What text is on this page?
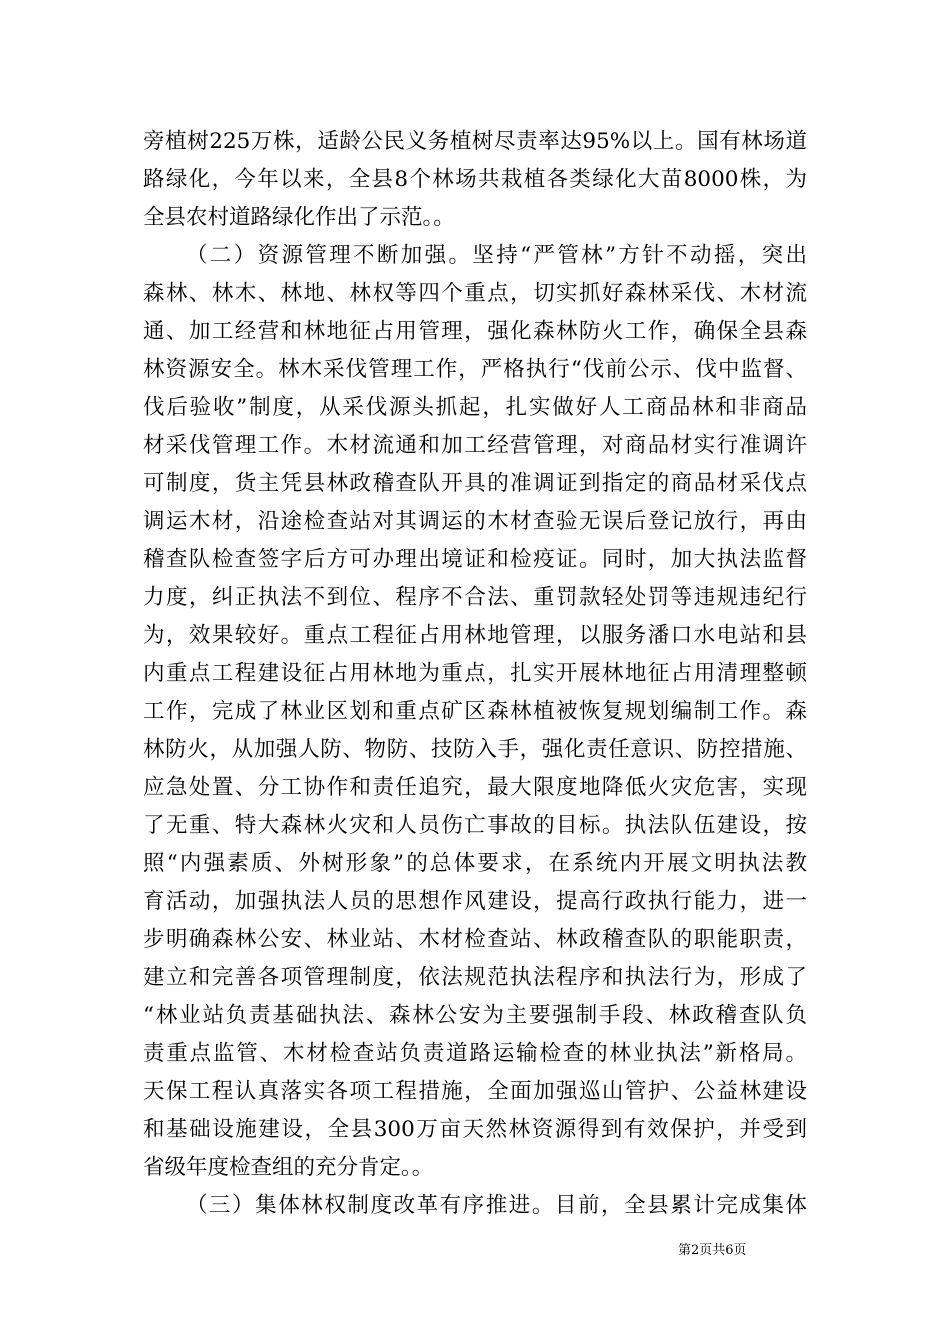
旁植树225万株，适龄公民义务植树尽责率达95%以上。国有林场道
路绿化，今年以来，全县8个林场共栽植各类绿化大苗8000株，为
全县农村道路绿化作出了示范。。
（二）资源管理不断加强。坚持“严管林”方针不动摇，突出
森林、林木、林地、林权等四个重点，切实抓好森林采伐、木材流
通、加工经营和林地征占用管理，强化森林防火工作，确保全县森
林资源安全。林木采伐管理工作，严格执行“伐前公示、伐中监督、
伐后验收”制度，从采伐源头抓起，扎实做好人工商品林和非商品
材采伐管理工作。木材流通和加工经营管理，对商品材实行准调许
可制度，货主凭县林政稽查队开具的准调证到指定的商品材采伐点
调运木材，沿途检查站对其调运的木材查验无误后登记放行，再由
稽查队检查签字后方可办理出境证和检疫证。同时，加大执法监督
力度，纠正执法不到位、程序不合法、重罚款轻处罚等违规违纪行
为，效果较好。重点工程征占用林地管理，以服务潘口水电站和县
内重点工程建设征占用林地为重点，扎实开展林地征占用清理整顿
工作，完成了林业区划和重点矿区森林植被恢复规划编制工作。森
林防火，从加强人防、物防、技防入手，强化责任意识、防控措施、
应急处置、分工协作和责任追究，最大限度地降低火灾危害，实现
了无重、特大森林火灾和人员伤亡事故的目标。执法队伍建设，按
照“内强素质、外树形象”的总体要求，在系统内开展文明执法教
育活动，加强执法人员的思想作风建设，提高行政执行能力，进一
步明确森林公安、林业站、木材检查站、林政稽查队的职能职责，
建立和完善各项管理制度，依法规范执法程序和执法行为，形成了
“林业站负责基础执法、森林公安为主要强制手段、林政稽查队负
责重点监管、木材检查站负责道路运输检查的林业执法”新格局。
天保工程认真落实各项工程措施，全面加强巡山管护、公益林建设
和基础设施建设，全县300万亩天然林资源得到有效保护，并受到
省级年度检查组的充分肯定。。
（三）集体林权制度改革有序推进。目前，全县累计完成集体
第2页共6页
